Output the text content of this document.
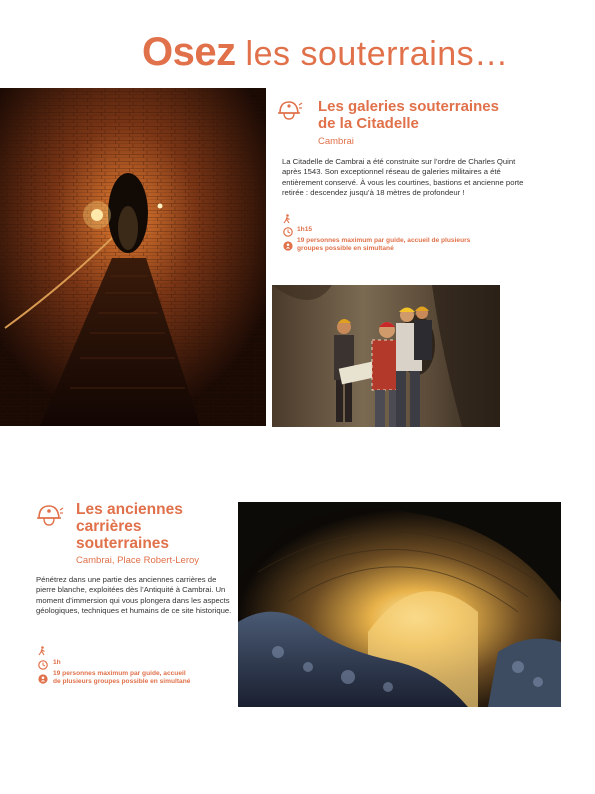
Osez les souterrains…
Les galeries souterraines
de la Citadelle
Cambrai
La Citadelle de Cambrai a été construite sur l’ordre de Charles Quint après 1543. Son exceptionnel réseau de galeries militaires a été entièrement conservé. À vous les courtines, bastions et ancienne porte retirée : descendez jusqu’à 18 mètres de profondeur !
1h15
19 personnes maximum par guide, accueil de plusieurs
groupes possible en simultané
Les anciennes
carrières
souterraines
Cambrai, Place Robert-Leroy
Pénétrez dans une partie des anciennes carrières de pierre blanche, exploitées dès l’Antiquité à Cambrai. Un moment d’immersion qui vous plongera dans les aspects géologiques, techniques et humains de ce site historique.
1h
19 personnes maximum par guide, accueil
de plusieurs groupes possible en simultané
